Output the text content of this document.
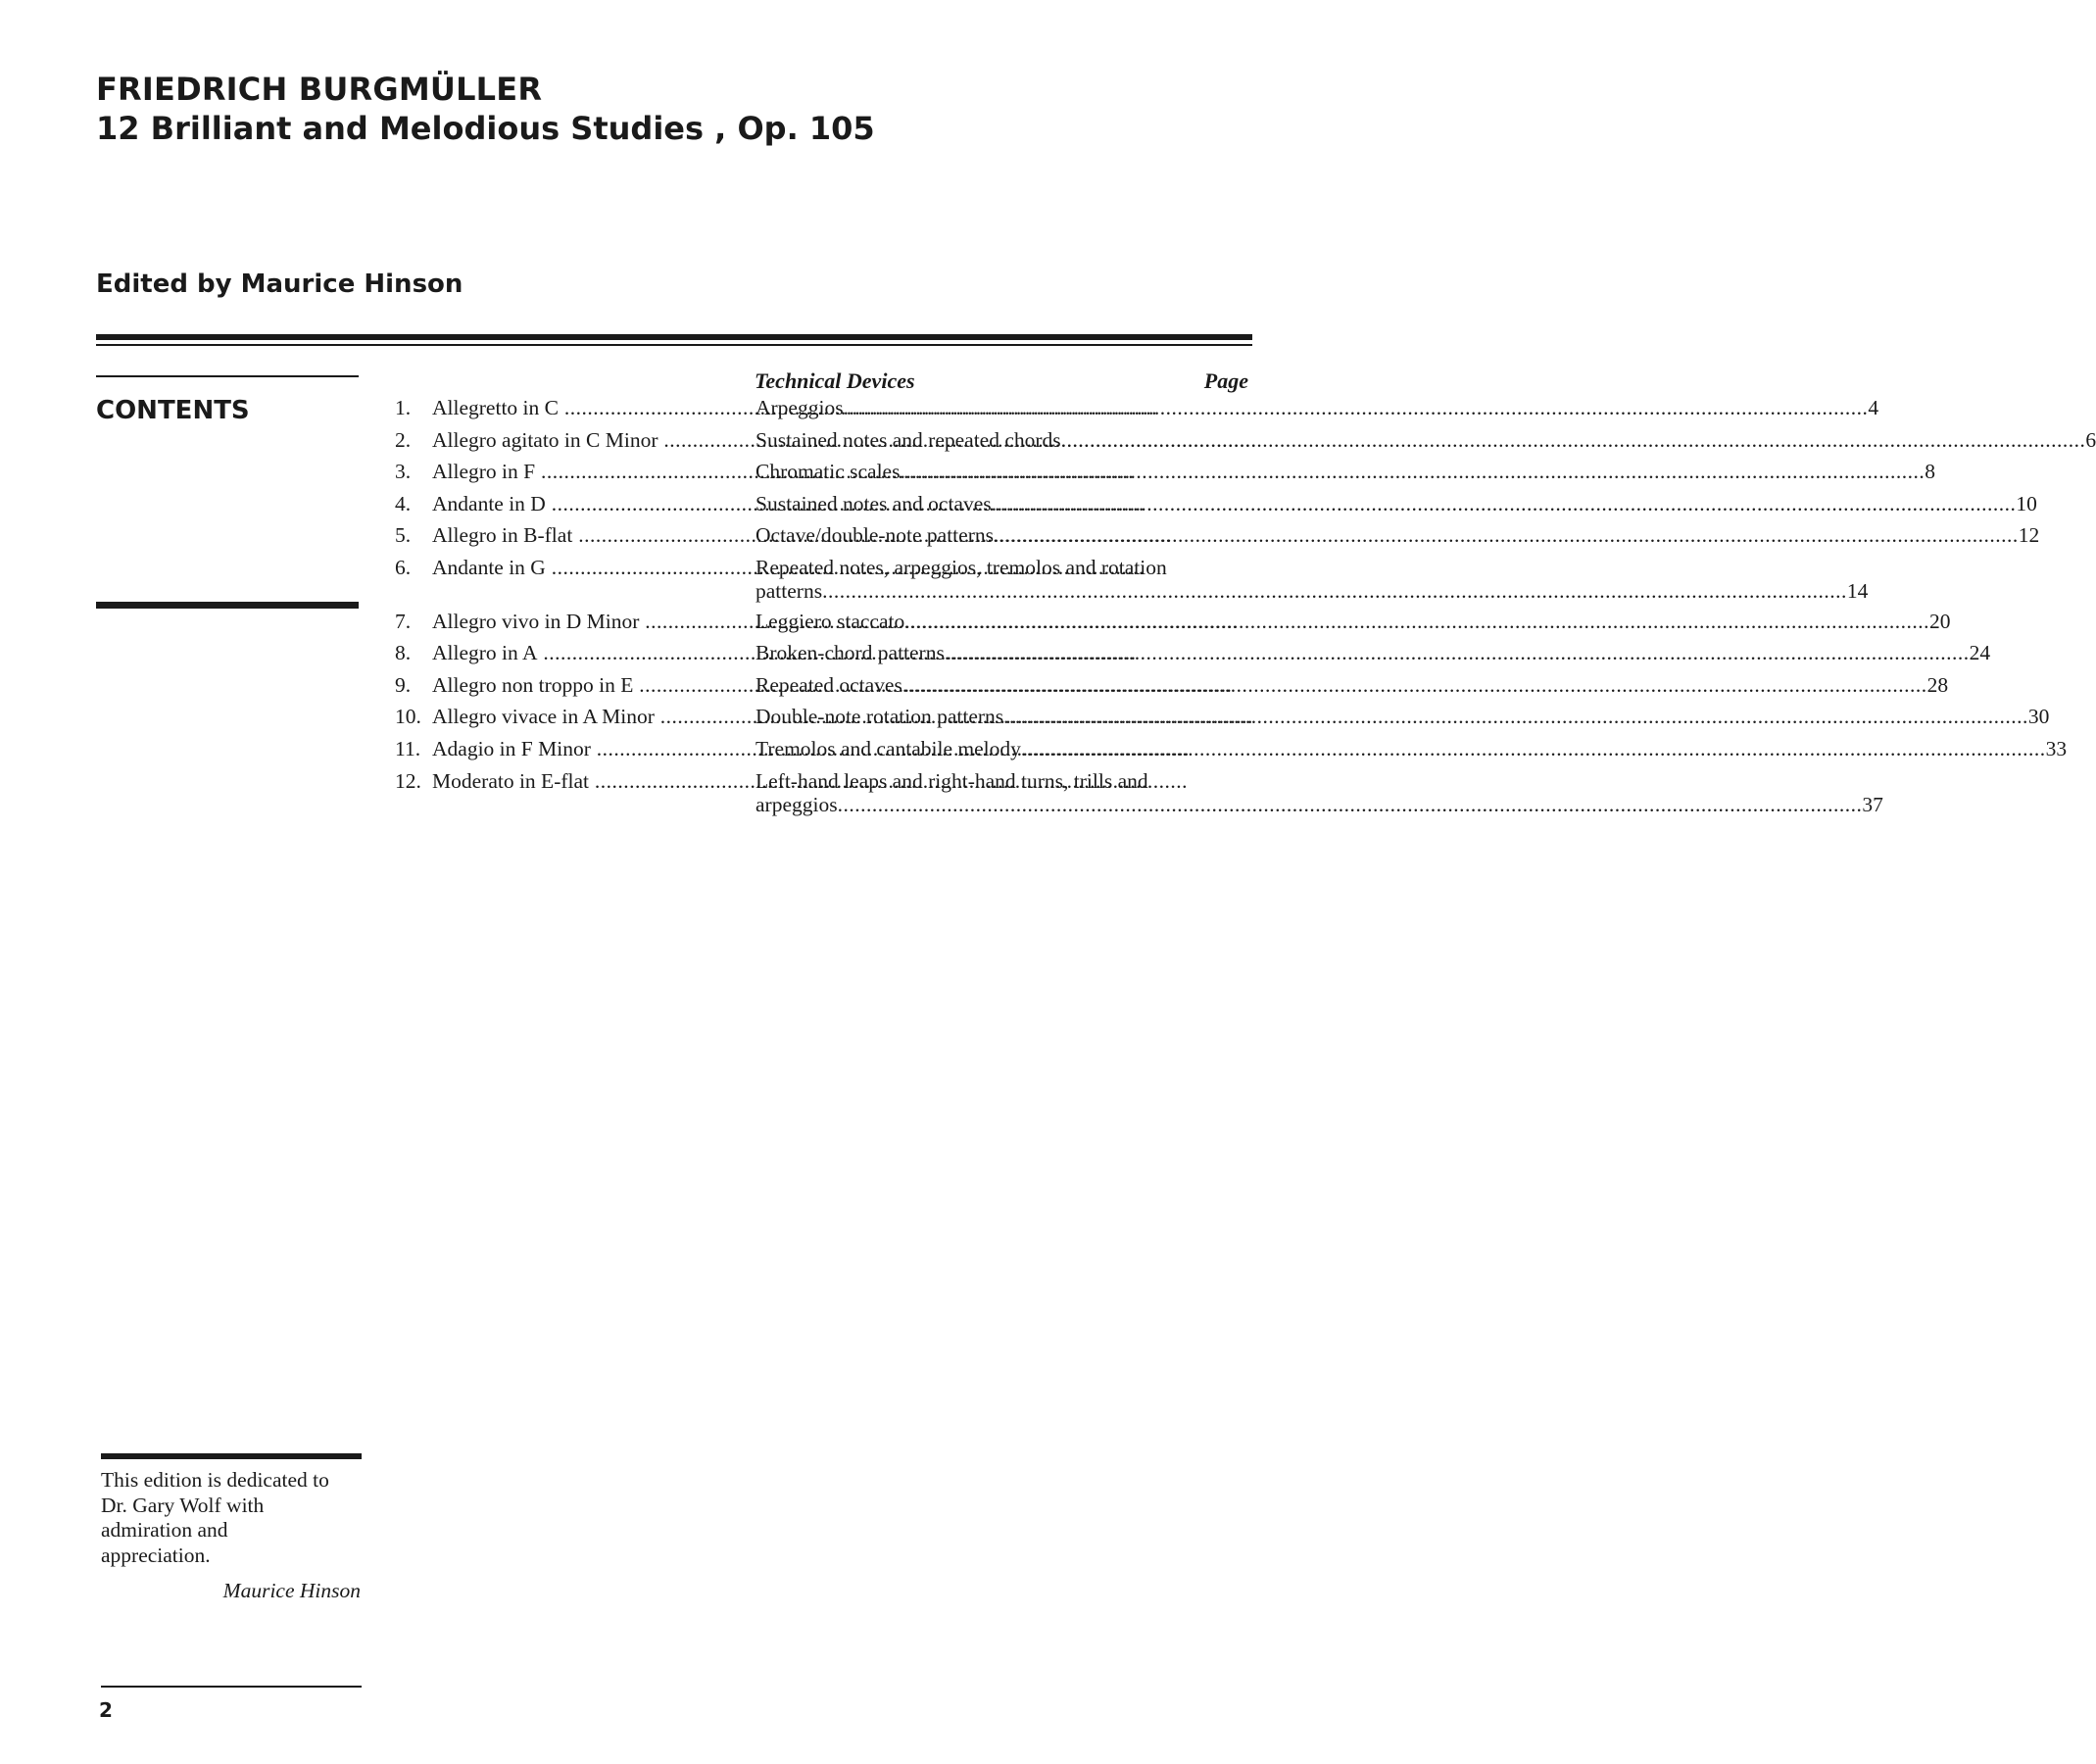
FRIEDRICH BURGMÜLLER
12 Brilliant and Melodious Studies , Op. 105
Edited by Maurice Hinson
CONTENTS
Technical Devices	Page
1.	Allegretto in C .....	Arpeggios .....	4
2.	Allegro agitato in C Minor .....	Sustained notes and repeated chords .....	6
3.	Allegro in F .....	Chromatic scales .....	8
4.	Andante in D .....	Sustained notes and octaves .....	10
5.	Allegro in B-flat .....	Octave/double-note patterns .....	12
6.	Andante in G .....	Repeated notes, arpeggios, tremolos and rotation
patterns .....	14
7.	Allegro vivo in D Minor .....	Leggiero staccato .....	20
8.	Allegro in A .....	Broken-chord patterns .....	24
9.	Allegro non troppo in E .....	Repeated octaves .....	28
10. Allegro vivace in A Minor .....	Double-note rotation patterns .....	30
11. Adagio in F Minor .....	Tremolos and cantabile melody .....	33
12. Moderato in E-flat .....	Left-hand leaps and right-hand turns, trills and
arpeggios .....	37
This edition is dedicated to
Dr. Gary Wolf with
admiration and
appreciation.
Maurice Hinson
2
